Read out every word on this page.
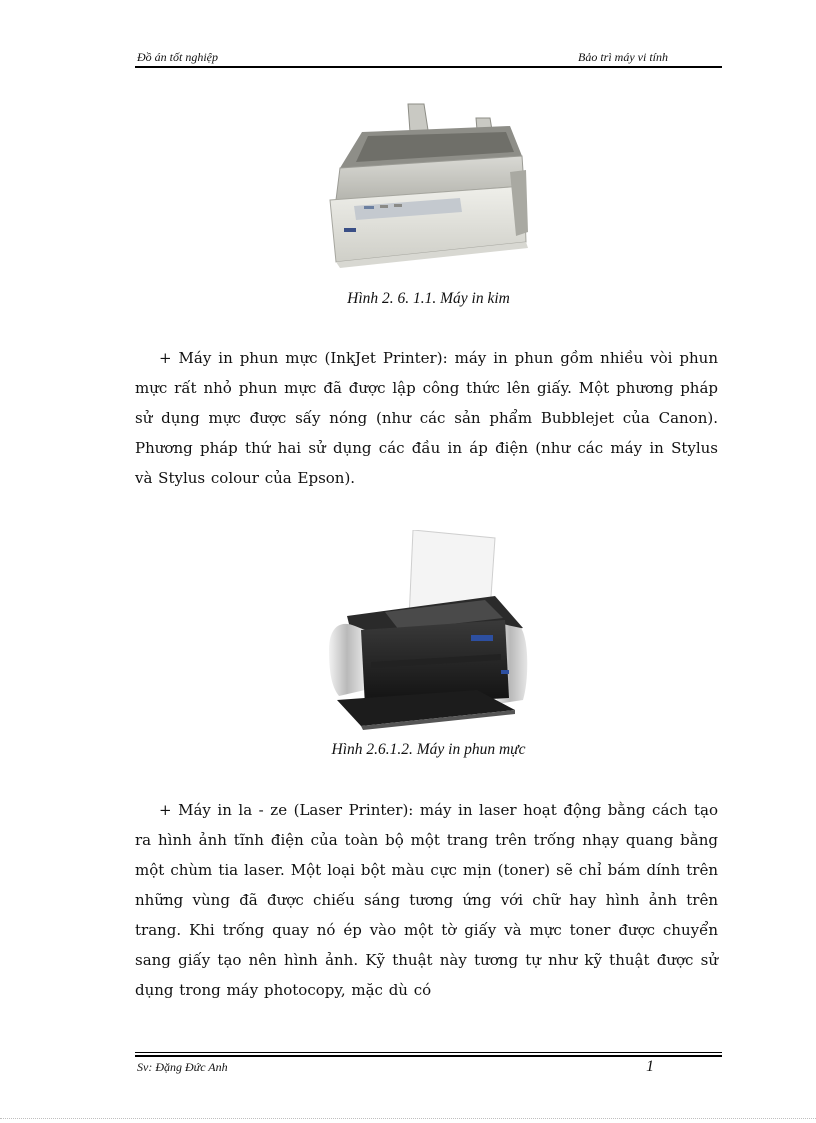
Đồ án tốt nghiệp	Bảo trì máy vi tính
Hình 2. 6. 1.1. Máy in kim

+ Máy in phun mực (InkJet Printer): máy in phun gồm nhiều vòi phun mực rất nhỏ phun mực đã được lập công thức lên giấy. Một phương pháp sử dụng mực được sấy nóng (như các sản phẩm Bubblejet của Canon). Phương pháp thứ hai sử dụng các đầu in áp điện (như các máy in Stylus và Stylus colour của Epson).

Hình 2.6.1.2. Máy in phun mực

+ Máy in la - ze (Laser Printer): máy in laser hoạt động bằng cách tạo ra hình ảnh tĩnh điện của toàn bộ một trang trên trống nhạy quang bằng một chùm tia laser. Một loại bột màu cực mịn (toner) sẽ chỉ bám dính trên những vùng đã được chiếu sáng tương ứng với chữ hay hình ảnh trên trang. Khi trống quay nó ép vào một tờ giấy và mực toner được chuyển sang giấy tạo nên hình ảnh. Kỹ thuật này tương tự như kỹ thuật được sử dụng trong máy photocopy, mặc dù có

Sv: Đặng Đức Anh	1
